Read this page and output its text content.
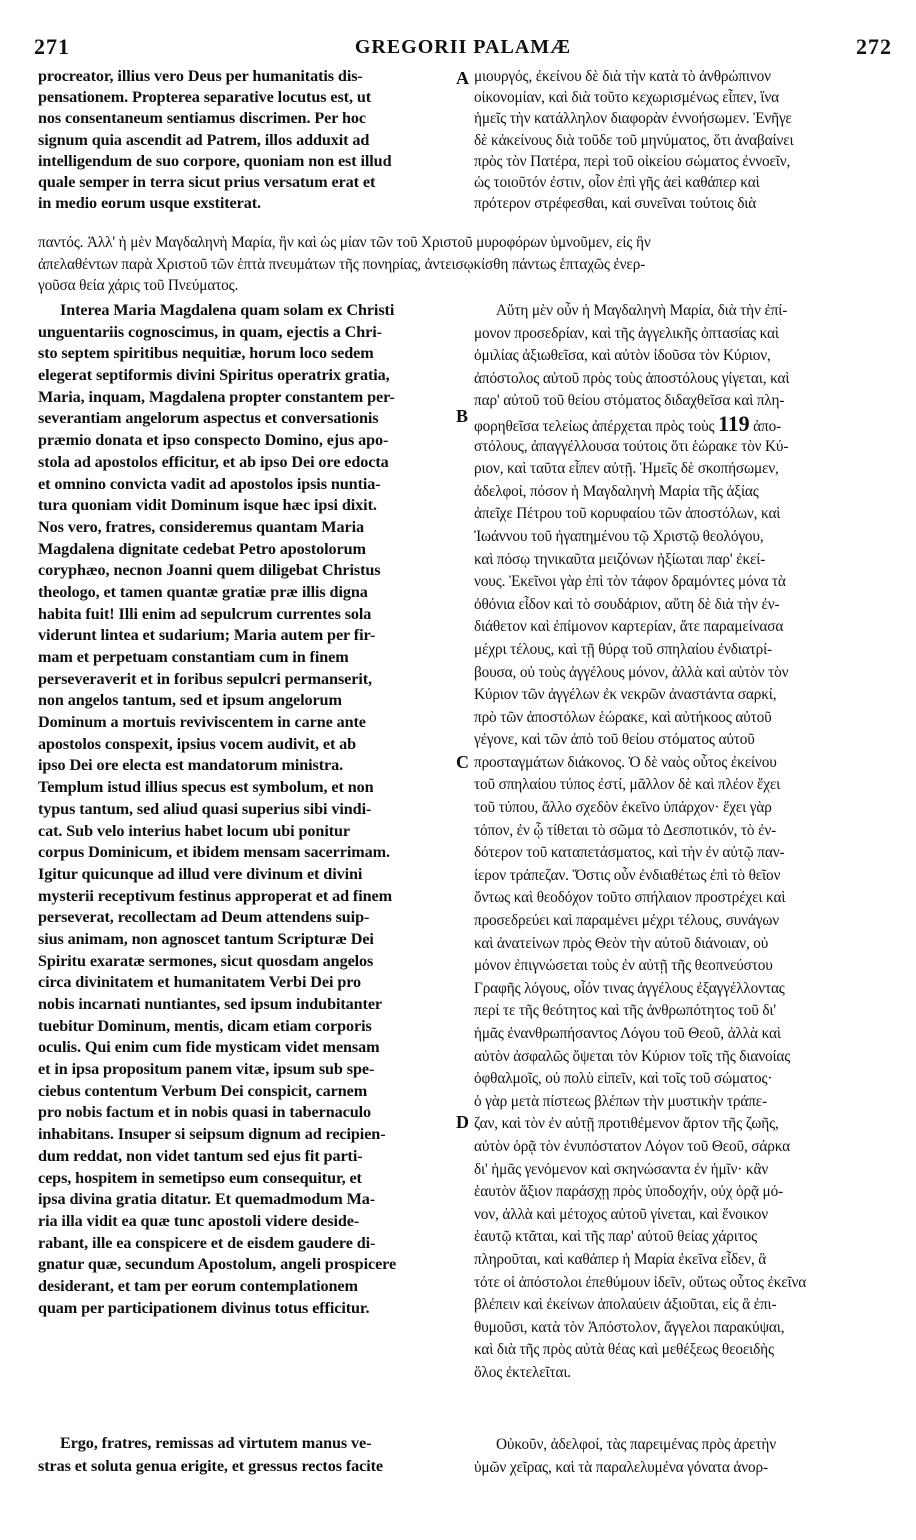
271	GREGORII PALAMÆ	272
A
B
C
D
procreator, illius vero Deus per humanitatis dis-
pensationem. Propterea separative locutus est, ut
nos consentaneum sentiamus discrimen. Per hoc
signum quia ascendit ad Patrem, illos adduxit ad
intelligendum de suo corpore, quoniam non est illud
quale semper in terra sicut prius versatum erat et
in medio eorum usque exstiterat.
μιουργός, ἐκείνου δὲ διὰ τὴν κατὰ τὸ ἀνθρώπινον
οἰκονομίαν, καὶ διὰ τοῦτο κεχωρισμένως εἶπεν, ἵνα
ἡμεῖς τὴν κατάλληλον διαφορὰν ἐννοήσωμεν. Ἐνῆγε
δὲ κἀκείνους διὰ τοῦδε τοῦ μηνύματος, ὅτι ἀναβαίνει
πρὸς τὸν Πατέρα, περὶ τοῦ οἰκείου σώματος ἐννοεῖν,
ὡς τοιοῦτόν ἐστιν, οἷον ἐπὶ γῆς ἀεὶ καθάπερ καὶ
πρότερον στρέφεσθαι, καὶ συνεῖναι τούτοις διὰ
παντός. Ἀλλ' ἡ μὲν Μαγδαληνὴ Μαρία, ἣν καὶ ὡς μίαν τῶν τοῦ Χριστοῦ μυροφόρων ὑμνοῦμεν, εἰς ἣν
ἀπελαθέντων παρὰ Χριστοῦ τῶν ἑπτὰ πνευμάτων τῆς πονηρίας, ἀντεισῳκίσθη πάντως ἑπταχῶς ἐνερ-
γοῦσα θεία χάρις τοῦ Πνεύματος.
Interea Maria Magdalena quam solam ex Christi
unguentariis cognoscimus, in quam, ejectis a Chri-
sto septem spiritibus nequitiæ, horum loco sedem
elegerat septiformis divini Spiritus operatrix gratia,
Maria, inquam, Magdalena propter constantem per-
severantiam angelorum aspectus et conversationis
præmio donata et ipso conspecto Domino, ejus apo-
stola ad apostolos efficitur, et ab ipso Dei ore edocta
et omnino convicta vadit ad apostolos ipsis nuntia-
tura quoniam vidit Dominum isque hæc ipsi dixit.
Nos vero, fratres, consideremus quantam Maria
Magdalena dignitate cedebat Petro apostolorum
coryphæo, necnon Joanni quem diligebat Christus
theologo, et tamen quantæ gratiæ præ illis digna
habita fuit! Illi enim ad sepulcrum currentes sola
viderunt lintea et sudarium; Maria autem per fir-
mam et perpetuam constantiam cum in finem
perseveraverit et in foribus sepulcri permanserit,
non angelos tantum, sed et ipsum angelorum
Dominum a mortuis reviviscentem in carne ante
apostolos conspexit, ipsius vocem audivit, et ab
ipso Dei ore electa est mandatorum ministra.
Templum istud illius specus est symbolum, et non
typus tantum, sed aliud quasi superius sibi vindi-
cat. Sub velo interius habet locum ubi ponitur
corpus Dominicum, et ibidem mensam sacerrimam.
Igitur quicunque ad illud vere divinum et divini
mysterii receptivum festinus approperat et ad finem
perseverat, recollectam ad Deum attendens suip-
sius animam, non agnoscet tantum Scripturæ Dei
Spiritu exaratæ sermones, sicut quosdam angelos
circa divinitatem et humanitatem Verbi Dei pro
nobis incarnati nuntiantes, sed ipsum indubitanter
tuebitur Dominum, mentis, dicam etiam corporis
oculis. Qui enim cum fide mysticam videt mensam
et in ipsa propositum panem vitæ, ipsum sub spe-
ciebus contentum Verbum Dei conspicit, carnem
pro nobis factum et in nobis quasi in tabernaculo
inhabitans. Insuper si seipsum dignum ad recipien-
dum reddat, non videt tantum sed ejus fit parti-
ceps, hospitem in semetipso eum consequitur, et
ipsa divina gratia ditatur. Et quemadmodum Ma-
ria illa vidit ea quæ tunc apostoli videre deside-
rabant, ille ea conspicere et de eisdem gaudere di-
gnatur quæ, secundum Apostolum, angeli prospicere
desiderant, et tam per eorum contemplationem
quam per participationem divinus totus efficitur.
Αὕτη μὲν οὖν ἡ Μαγδαληνὴ Μαρία, διὰ τὴν ἐπί-
μονον προσεδρίαν, καὶ τῆς ἀγγελικῆς ὀπτασίας καὶ
ὁμιλίας ἀξιωθεῖσα, καὶ αὐτὸν ἰδοῦσα τὸν Κύριον,
ἀπόστολος αὐτοῦ πρὸς τοὺς ἀποστόλους γίγεται, καὶ
παρ' αὐτοῦ τοῦ θείου στόματος διδαχθεῖσα καὶ πλη-
φορηθεῖσα τελείως ἀπέρχεται πρὸς τοὺς 119 ἀπο-
στόλους, ἀπαγγέλλουσα τούτοις ὅτι ἑώρακε τὸν Κύ-
ριον, καὶ ταῦτα εἶπεν αὐτῇ. Ἡμεῖς δὲ σκοπήσωμεν,
ἀδελφοί, πόσον ἡ Μαγδαληνὴ Μαρία τῆς ἀξίας
ἀπεῖχε Πέτρου τοῦ κορυφαίου τῶν ἀποστόλων, καὶ
Ἰωάννου τοῦ ἠγαπημένου τῷ Χριστῷ θεολόγου,
καὶ πόσῳ τηνικαῦτα μειζόνων ἠξίωται παρ' ἐκεί-
νους. Ἐκεῖνοι γὰρ ἐπὶ τὸν τάφον δραμόντες μόνα τὰ
ὀθόνια εἶδον καὶ τὸ σουδάριον, αὕτη δὲ διὰ τὴν ἐν-
διάθετον καὶ ἐπίμονον καρτερίαν, ἅτε παραμείνασα
μέχρι τέλους, καὶ τῇ θύρᾳ τοῦ σπηλαίου ἐνδιατρί-
βουσα, οὐ τοὺς ἀγγέλους μόνον, ἀλλὰ καὶ αὐτὸν τὸν
Κύριον τῶν ἀγγέλων ἐκ νεκρῶν ἀναστάντα σαρκί,
πρὸ τῶν ἀποστόλων ἑώρακε, καὶ αὐτήκοος αὐτοῦ
γέγονε, καὶ τῶν ἀπὸ τοῦ θείου στόματος αὐτοῦ
προσταγμάτων διάκονος. Ὁ δὲ ναὸς οὗτος ἐκείνου
τοῦ σπηλαίου τύπος ἐστί, μᾶλλον δὲ καὶ πλέον ἔχει
τοῦ τύπου, ἄλλο σχεδὸν ἐκεῖνο ὑπάρχον· ἔχει γὰρ
τόπον, ἐν ᾧ τίθεται τὸ σῶμα τὸ Δεσποτικόν, τὸ ἐν-
δότερον τοῦ καταπετάσματος, καὶ τὴν ἐν αὐτῷ παν-
ίερον τράπεζαν. Ὅστις οὖν ἐνδιαθέτως ἐπὶ τὸ θεῖον
ὄντως καὶ θεοδόχον τοῦτο σπήλαιον προστρέχει καὶ
προσεδρεύει καὶ παραμένει μέχρι τέλους, συνάγων
καὶ ἀνατείνων πρὸς Θεὸν τὴν αὐτοῦ διάνοιαν, οὐ
μόνον ἐπιγνώσεται τοὺς ἐν αὐτῇ τῆς θεοπνεύστου
Γραφῆς λόγους, οἷόν τινας ἀγγέλους ἐξαγγέλλοντας
περί τε τῆς θεότητος καὶ τῆς ἀνθρωπότητος τοῦ δι'
ἡμᾶς ἐνανθρωπήσαντος Λόγου τοῦ Θεοῦ, ἀλλὰ καὶ
αὐτὸν ἀσφαλῶς ὄψεται τὸν Κύριον τοῖς τῆς διανοίας
ὀφθαλμοῖς, οὐ πολὺ εἰπεῖν, καὶ τοῖς τοῦ σώματος·
ὁ γὰρ μετὰ πίστεως βλέπων τὴν μυστικὴν τράπε-
ζαν, καὶ τὸν ἐν αὐτῇ προτιθέμενον ἄρτον τῆς ζωῆς,
αὐτὸν ὁρᾷ τὸν ἐνυπόστατον Λόγον τοῦ Θεοῦ, σάρκα
δι' ἡμᾶς γενόμενον καὶ σκηνώσαντα ἐν ἡμῖν· κἂν
ἑαυτὸν ἄξιον παράσχῃ πρὸς ὑποδοχήν, οὐχ ὁρᾷ μό-
νον, ἀλλὰ καὶ μέτοχος αὐτοῦ γίνεται, καὶ ἔνοικον
ἑαυτῷ κτᾶται, καὶ τῆς παρ' αὐτοῦ θείας χάριτος
πληροῦται, καὶ καθάπερ ἡ Μαρία ἐκεῖνα εἶδεν, ἃ
τότε οἱ ἀπόστολοι ἐπεθύμουν ἰδεῖν, οὕτως οὗτος ἐκεῖνα
βλέπειν καὶ ἐκείνων ἀπολαύειν ἀξιοῦται, εἰς ἃ ἐπι-
θυμοῦσι, κατὰ τὸν Ἀπόστολον, ἄγγελοι παρακύψαι,
καὶ διὰ τῆς πρὸς αὐτὰ θέας καὶ μεθέξεως θεοειδὴς
ὅλος ἐκτελεῖται.
Ergo, fratres, remissas ad virtutem manus ve-
stras et soluta genua erigite, et gressus rectos facite
Οὐκοῦν, ἀδελφοί, τὰς παρειμένας πρὸς ἀρετὴν
ὑμῶν χεῖρας, καὶ τὰ παραλελυμένα γόνατα ἀνορ-
